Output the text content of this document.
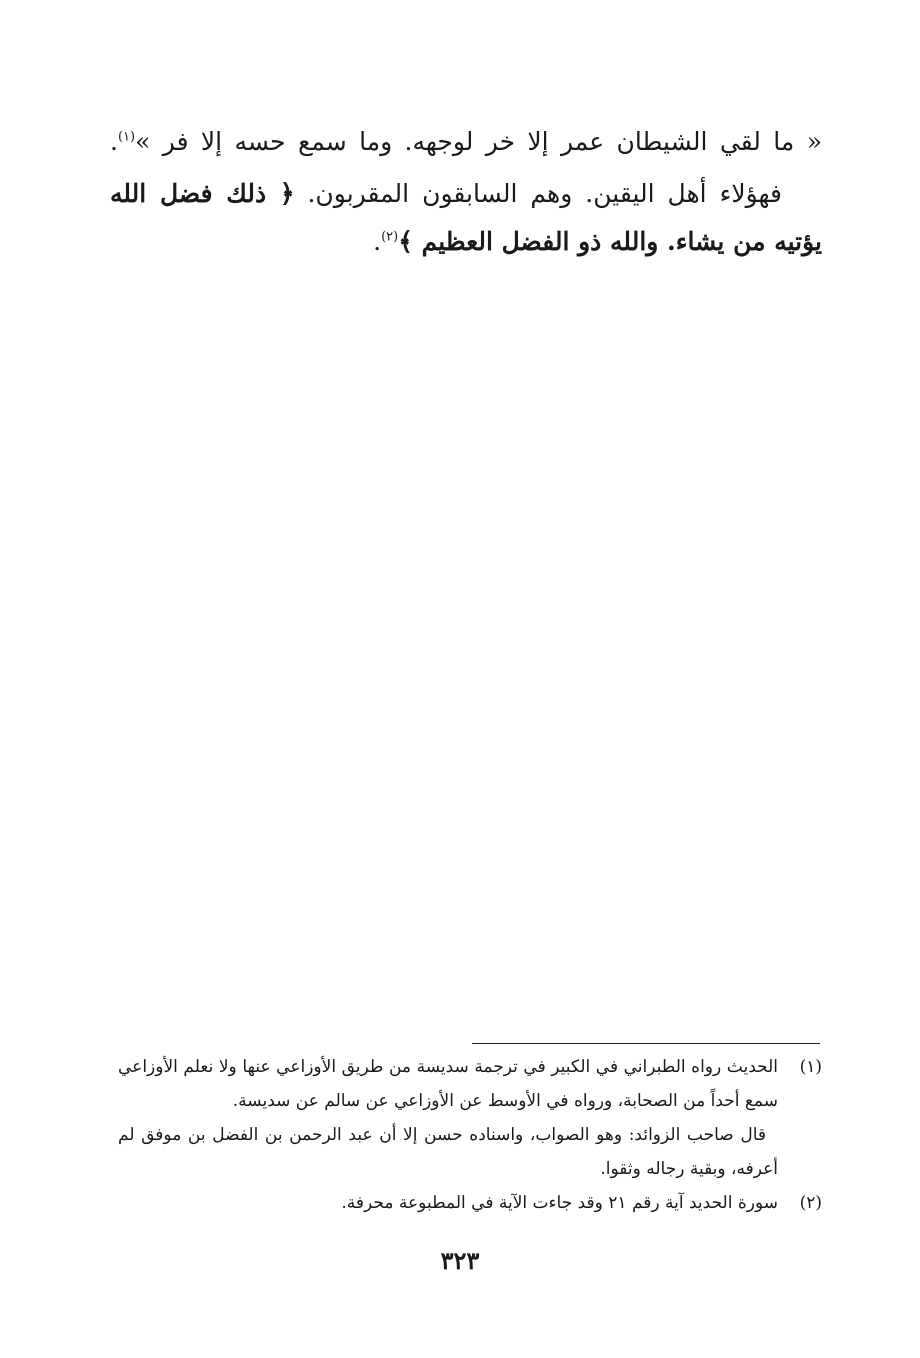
« ما لقي الشيطان عمر إلا خر لوجهه. وما سمع حسه إلا فر »$^{(١)}$.

فهؤلاء أهل اليقين. وهم السابقون المقربون. ﴿ ذلك فضل الله يؤتيه من يشاء. والله ذو الفضل العظيم ﴾$^{(٢)}$.

(١)
الحديث رواه الطبراني في الكبير في ترجمة سديسة من طريق الأوزاعي عنها ولا نعلم الأوزاعي سمع أحداً من الصحابة، ورواه في الأوسط عن الأوزاعي عن سالم عن سديسة.

قال صاحب الزوائد: وهو الصواب، واسناده حسن إلا أن عبد الرحمن بن الفضل بن موفق لم أعرفه، وبقية رجاله وثقوا.

(٢)
سورة الحديد آية رقم ٢١ وقد جاءت الآية في المطبوعة محرفة.

٣٢٣
